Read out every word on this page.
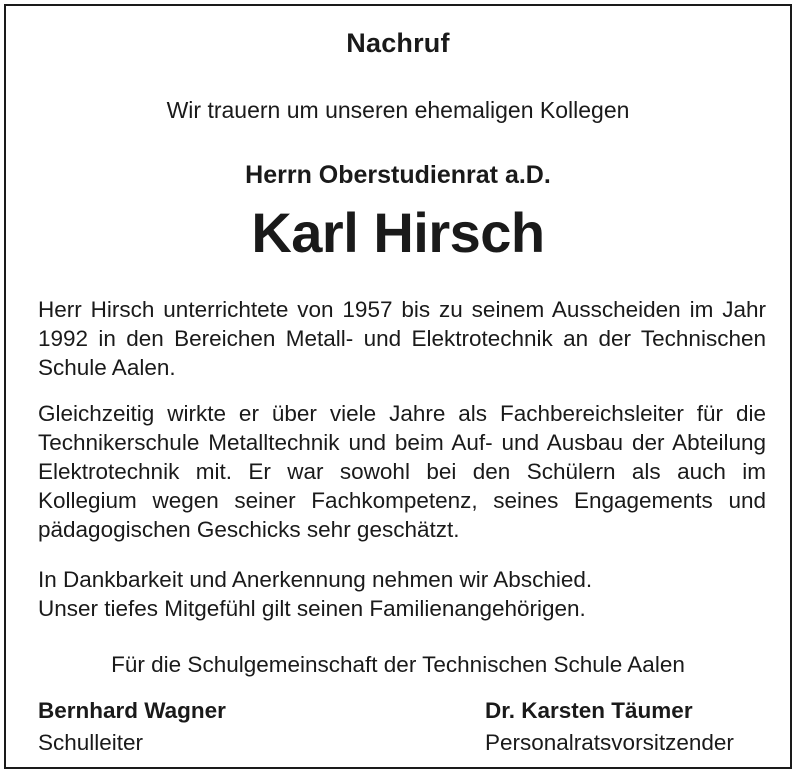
Nachruf
Wir trauern um unseren ehemaligen Kollegen
Herrn Oberstudienrat a.D.
Karl Hirsch
Herr Hirsch unterrichtete von 1957 bis zu seinem Ausscheiden im Jahr 1992 in den Bereichen Metall- und Elektrotechnik an der Technischen Schule Aalen.
Gleichzeitig wirkte er über viele Jahre als Fachbereichsleiter für die Technikerschule Metalltechnik und beim Auf- und Ausbau der Abteilung Elektrotechnik mit. Er war sowohl bei den Schülern als auch im Kollegium wegen seiner Fachkompetenz, seines Engagements und pädagogischen Geschicks sehr geschätzt.
In Dankbarkeit und Anerkennung nehmen wir Abschied.
Unser tiefes Mitgefühl gilt seinen Familienangehörigen.
Für die Schulgemeinschaft der Technischen Schule Aalen
Bernhard Wagner
Schulleiter
Dr. Karsten Täumer
Personalratsvorsitzender
